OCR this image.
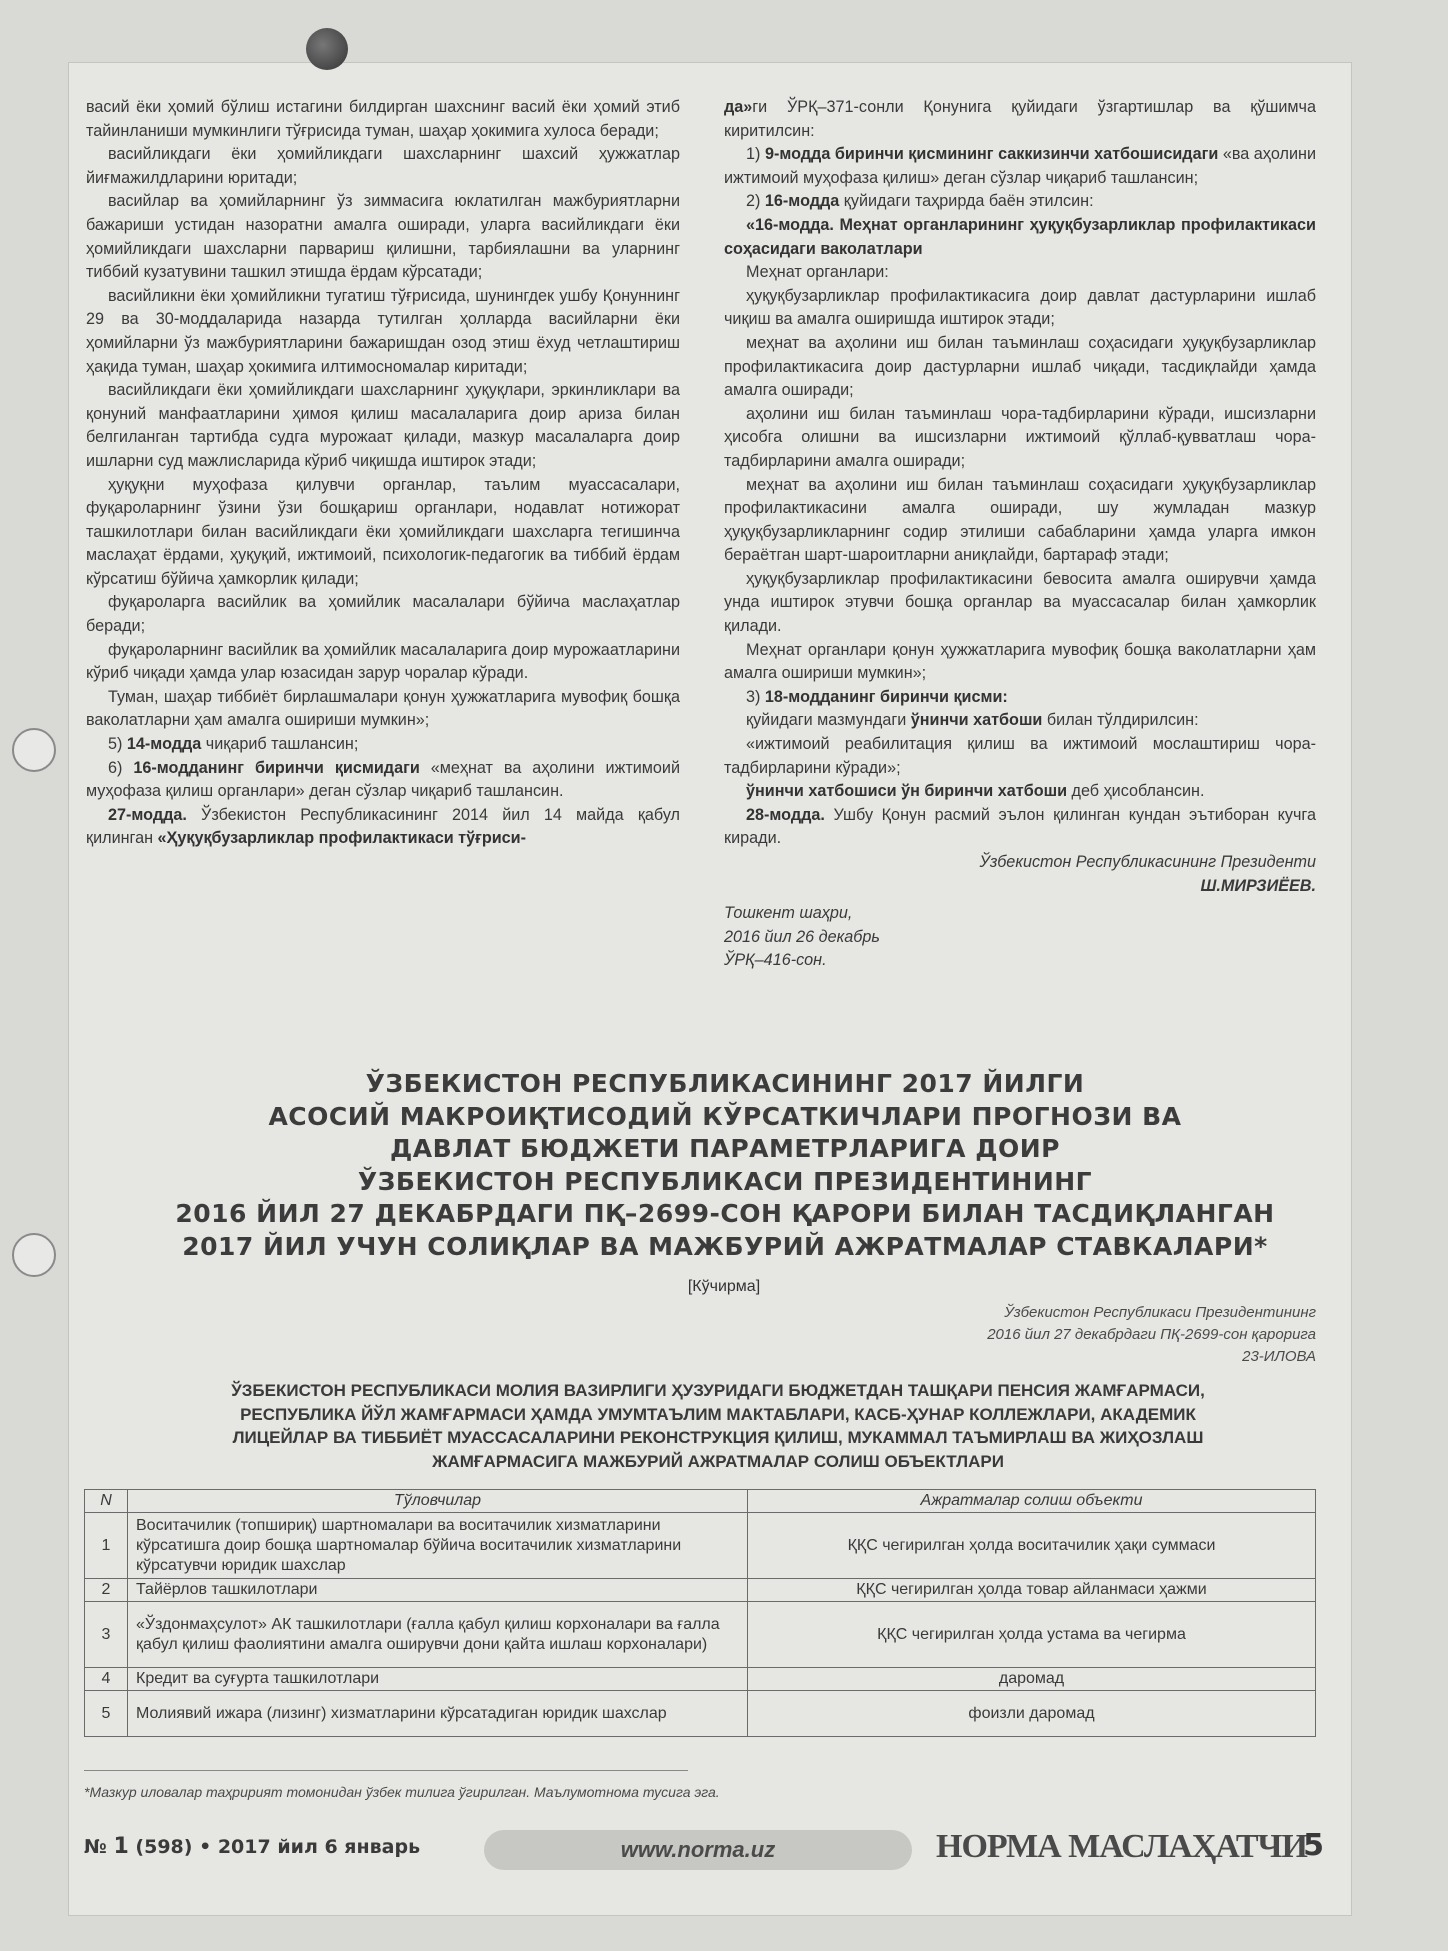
васий ёки ҳомий бўлиш истагини билдирган шахснинг васий ёки ҳомий этиб тайинланиши мумкинлиги тўғрисида туман, шаҳар ҳокимига хулоса беради;

васийликдаги ёки ҳомийликдаги шахсларнинг шахсий ҳужжатлар йиғмажилдларини юритади;

васийлар ва ҳомийларнинг ўз зиммасига юклатилган мажбуриятларни бажариши устидан назоратни амалга оширади, уларга васийликдаги ёки ҳомийликдаги шахсларни парвариш қилишни, тарбиялашни ва уларнинг тиббий кузатувини ташкил этишда ёрдам кўрсатади;

васийликни ёки ҳомийликни тугатиш тўғрисида, шунингдек ушбу Қонуннинг 29 ва 30-моддаларида назарда тутилган ҳолларда васийларни ёки ҳомийларни ўз мажбуриятларини бажаришдан озод этиш ёхуд четлаштириш ҳақида туман, шаҳар ҳокимига илтимосномалар киритади;

васийликдаги ёки ҳомийликдаги шахсларнинг ҳуқуқлари, эркинликлари ва қонуний манфаатларини ҳимоя қилиш масалаларига доир ариза билан белгиланган тартибда судга мурожаат қилади, мазкур масалаларга доир ишларни суд мажлисларида кўриб чиқишда иштирок этади;

ҳуқуқни муҳофаза қилувчи органлар, таълим муассасалари, фуқароларнинг ўзини ўзи бошқариш органлари, нодавлат нотижорат ташкилотлари билан васийликдаги ёки ҳомийликдаги шахсларга тегишинча маслаҳат ёрдами, ҳуқуқий, ижтимоий, психологик-педагогик ва тиббий ёрдам кўрсатиш бўйича ҳамкорлик қилади;

фуқароларга васийлик ва ҳомийлик масалалари бўйича маслаҳатлар беради;

фуқароларнинг васийлик ва ҳомийлик масалаларига доир мурожаатларини кўриб чиқади ҳамда улар юзасидан зарур чоралар кўради.

Туман, шаҳар тиббиёт бирлашмалари қонун ҳужжатларига мувофиқ бошқа ваколатларни ҳам амалга ошириши мумкин»;

5) 14-модда чиқариб ташлансин;

6) 16-модданинг биринчи қисмидаги «меҳнат ва аҳолини ижтимоий муҳофаза қилиш органлари» деган сўзлар чиқариб ташлансин.

27-модда. Ўзбекистон Республикасининг 2014 йил 14 майда қабул қилинган «Ҳуқуқбузарликлар профилактикаси тўғриси-

да»ги ЎРҚ–371-сонли Қонунига қуйидаги ўзгартишлар ва қўшимча киритилсин:

1) 9-модда биринчи қисмининг саккизинчи хатбошисидаги «ва аҳолини ижтимоий муҳофаза қилиш» деган сўзлар чиқариб ташлансин;

2) 16-модда қуйидаги таҳрирда баён этилсин:

«16-модда. Меҳнат органларининг ҳуқуқбузарликлар профилактикаси соҳасидаги ваколатлари

Меҳнат органлари:

ҳуқуқбузарликлар профилактикасига доир давлат дастурларини ишлаб чиқиш ва амалга оширишда иштирок этади;

меҳнат ва аҳолини иш билан таъминлаш соҳасидаги ҳуқуқбузарликлар профилактикасига доир дастурларни ишлаб чиқади, тасдиқлайди ҳамда амалга оширади;

аҳолини иш билан таъминлаш чора-тадбирларини кўради, ишсизларни ҳисобга олишни ва ишсизларни ижтимоий қўллаб-қувватлаш чора-тадбирларини амалга оширади;

меҳнат ва аҳолини иш билан таъминлаш соҳасидаги ҳуқуқбузарликлар профилактикасини амалга оширади, шу жумладан мазкур ҳуқуқбузарликларнинг содир этилиши сабабларини ҳамда уларга имкон бераётган шарт-шароитларни аниқлайди, бартараф этади;

ҳуқуқбузарликлар профилактикасини бевосита амалга оширувчи ҳамда унда иштирок этувчи бошқа органлар ва муассасалар билан ҳамкорлик қилади.

Меҳнат органлари қонун ҳужжатларига мувофиқ бошқа ваколатларни ҳам амалга ошириши мумкин»;

3) 18-модданинг биринчи қисми:

қуйидаги мазмундаги ўнинчи хатбоши билан тўлдирилсин:

«ижтимоий реабилитация қилиш ва ижтимоий мослаштириш чора-тадбирларини кўради»;

ўнинчи хатбошиси ўн биринчи хатбоши деб ҳисоблансин.

28-модда. Ушбу Қонун расмий эълон қилинган кундан эътиборан кучга киради.

Ўзбекистон Республикасининг Президенти
Ш.МИРЗИЁЕВ.
Тошкент шаҳри,
2016 йил 26 декабрь
ЎРҚ–416-сон.
ЎЗБЕКИСТОН РЕСПУБЛИКАСИНИНГ 2017 ЙИЛГИ
АСОСИЙ МАКРОИҚТИСОДИЙ КЎРСАТКИЧЛАРИ ПРОГНОЗИ ВА
ДАВЛАТ БЮДЖЕТИ ПАРАМЕТРЛАРИГА ДОИР
ЎЗБЕКИСТОН РЕСПУБЛИКАСИ ПРЕЗИДЕНТИНИНГ
2016 ЙИЛ 27 ДЕКАБРДАГИ ПҚ–2699-СОН ҚАРОРИ БИЛАН ТАСДИҚЛАНГАН
2017 ЙИЛ УЧУН СОЛИҚЛАР ВА МАЖБУРИЙ АЖРАТМАЛАР СТАВКАЛАРИ*
[Кўчирма]
Ўзбекистон Республикаси Президентининг
2016 йил 27 декабрдаги ПҚ-2699-сон қарорига
23-ИЛОВА
ЎЗБЕКИСТОН РЕСПУБЛИКАСИ МОЛИЯ ВАЗИРЛИГИ ҲУЗУРИДАГИ БЮДЖЕТДАН ТАШҚАРИ ПЕНСИЯ ЖАМҒАРМАСИ,
РЕСПУБЛИКА ЙЎЛ ЖАМҒАРМАСИ ҲАМДА УМУМТАЪЛИМ МАКТАБЛАРИ, КАСБ-ҲУНАР КОЛЛЕЖЛАРИ, АКАДЕМИК
ЛИЦЕЙЛАР ВА ТИББИЁТ МУАССАСАЛАРИНИ РЕКОНСТРУКЦИЯ ҚИЛИШ, МУКАММАЛ ТАЪМИРЛАШ ВА ЖИҲОЗЛАШ
ЖАМҒАРМАСИГА МАЖБУРИЙ АЖРАТМАЛАР СОЛИШ ОБЪЕКТЛАРИ
N	Тўловчилар	Ажратмалар солиш объекти
1	Воситачилик (топшириқ) шартномалари ва воситачилик хизматларини кўрсатишга доир бошқа шартномалар бўйича воситачилик хизматларини кўрсатувчи юридик шахслар	ҚҚС чегирилган ҳолда воситачилик ҳақи суммаси
2	Тайёрлов ташкилотлари	ҚҚС чегирилган ҳолда товар айланмаси ҳажми
3	«Ўздонмаҳсулот» АК ташкилотлари (ғалла қабул қилиш корхоналари ва ғалла қабул қилиш фаолиятини амалга оширувчи дони қайта ишлаш корхоналари)	ҚҚС чегирилган ҳолда устама ва чегирма
4	Кредит ва суғурта ташкилотлари	даромад
5	Молиявий ижара (лизинг) хизматларини кўрсатадиган юридик шахслар	фоизли даромад
*Мазкур иловалар таҳририят томонидан ўзбек тилига ўгирилган. Маълумотнома тусига эга.
№ 1 (598) • 2017 йил 6 январь	www.norma.uz	НОРМА МАСЛАҲАТЧИ
5
